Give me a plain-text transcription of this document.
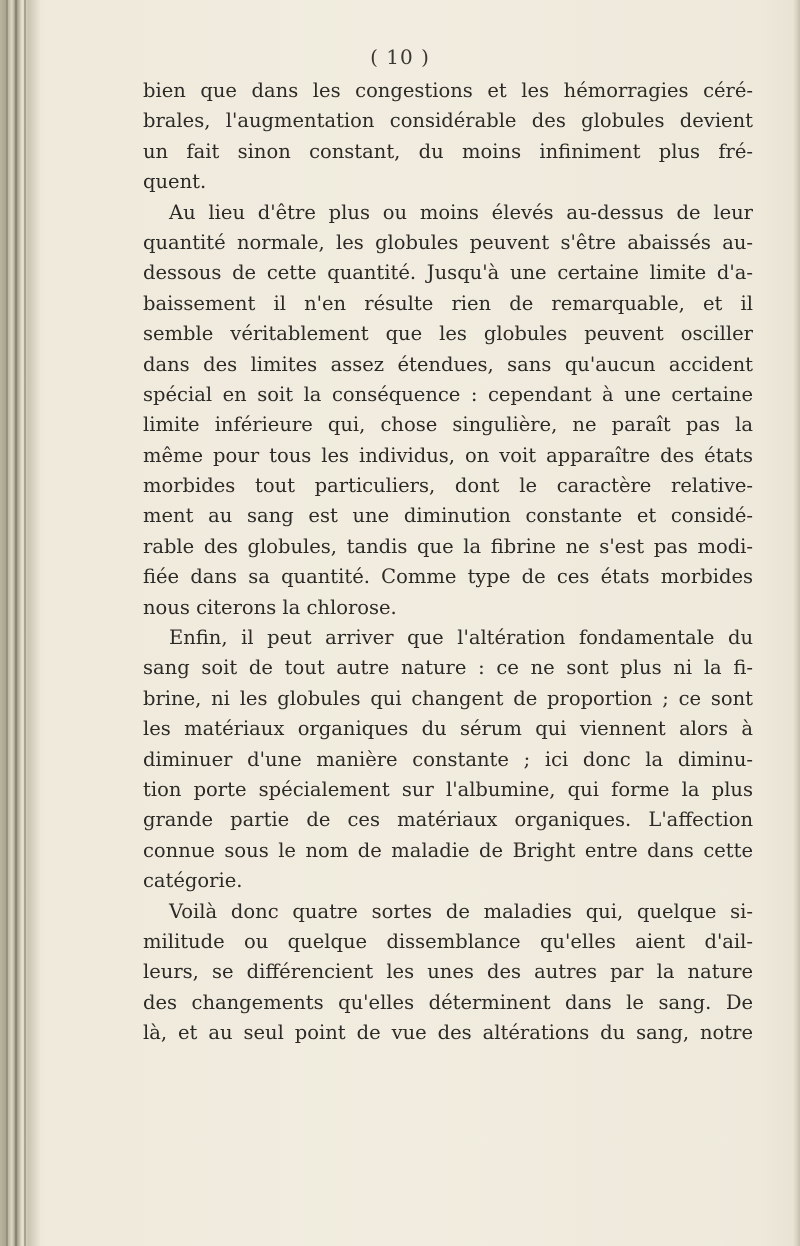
( 10 )
bien que dans les congestions et les hémorragies céré-
brales, l'augmentation considérable des globules devient
un fait sinon constant, du moins infiniment plus fré-
quent.
Au lieu d'être plus ou moins élevés au-dessus de leur
quantité normale, les globules peuvent s'être abaissés au-
dessous de cette quantité. Jusqu'à une certaine limite d'a-
baissement il n'en résulte rien de remarquable, et il
semble véritablement que les globules peuvent osciller
dans des limites assez étendues, sans qu'aucun accident
spécial en soit la conséquence : cependant à une certaine
limite inférieure qui, chose singulière, ne paraît pas la
même pour tous les individus, on voit apparaître des états
morbides tout particuliers, dont le caractère relative-
ment au sang est une diminution constante et considé-
rable des globules, tandis que la fibrine ne s'est pas modi-
fiée dans sa quantité. Comme type de ces états morbides
nous citerons la chlorose.
Enfin, il peut arriver que l'altération fondamentale du
sang soit de tout autre nature : ce ne sont plus ni la fi-
brine, ni les globules qui changent de proportion ; ce sont
les matériaux organiques du sérum qui viennent alors à
diminuer d'une manière constante ; ici donc la diminu-
tion porte spécialement sur l'albumine, qui forme la plus
grande partie de ces matériaux organiques. L'affection
connue sous le nom de maladie de Bright entre dans cette
catégorie.
Voilà donc quatre sortes de maladies qui, quelque si-
militude ou quelque dissemblance qu'elles aient d'ail-
leurs, se différencient les unes des autres par la nature
des changements qu'elles déterminent dans le sang. De
là, et au seul point de vue des altérations du sang, notre
